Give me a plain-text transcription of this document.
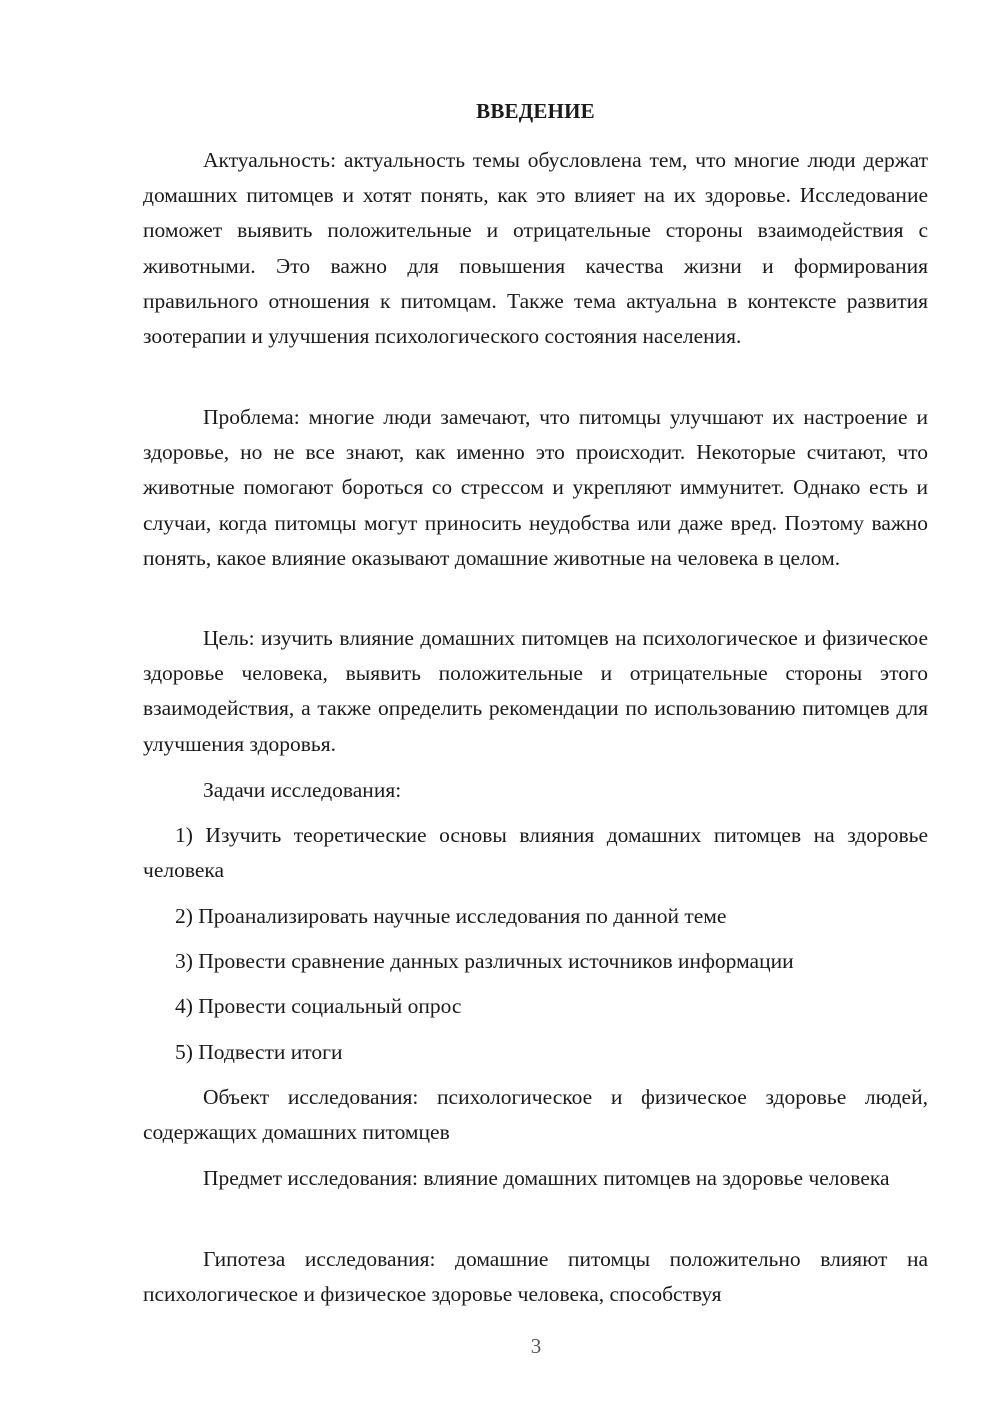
ВВЕДЕНИЕ

Актуальность: актуальность темы обусловлена тем, что многие люди держат домашних питомцев и хотят понять, как это влияет на их здоровье. Исследование поможет выявить положительные и отрицательные стороны взаимодействия с животными. Это важно для повышения качества жизни и формирования правильного отношения к питомцам. Также тема актуальна в контексте развития зоотерапии и улучшения психологического состояния населения.

Проблема: многие люди замечают, что питомцы улучшают их настроение и здоровье, но не все знают, как именно это происходит. Некоторые считают, что животные помогают бороться со стрессом и укрепляют иммунитет. Однако есть и случаи, когда питомцы могут приносить неудобства или даже вред. Поэтому важно понять, какое влияние оказывают домашние животные на человека в целом.

Цель: изучить влияние домашних питомцев на психологическое и физическое здоровье человека, выявить положительные и отрицательные стороны этого взаимодействия, а также определить рекомендации по использованию питомцев для улучшения здоровья.

Задачи исследования:

1) Изучить теоретические основы влияния домашних питомцев на здоровье человека

2) Проанализировать научные исследования по данной теме

3) Провести сравнение данных различных источников информации

4) Провести социальный опрос

5) Подвести итоги

Объект исследования: психологическое и физическое здоровье людей, содержащих домашних питомцев

Предмет исследования: влияние домашних питомцев на здоровье человека

Гипотеза исследования: домашние питомцы положительно влияют на психологическое и физическое здоровье человека, способствуя

3
